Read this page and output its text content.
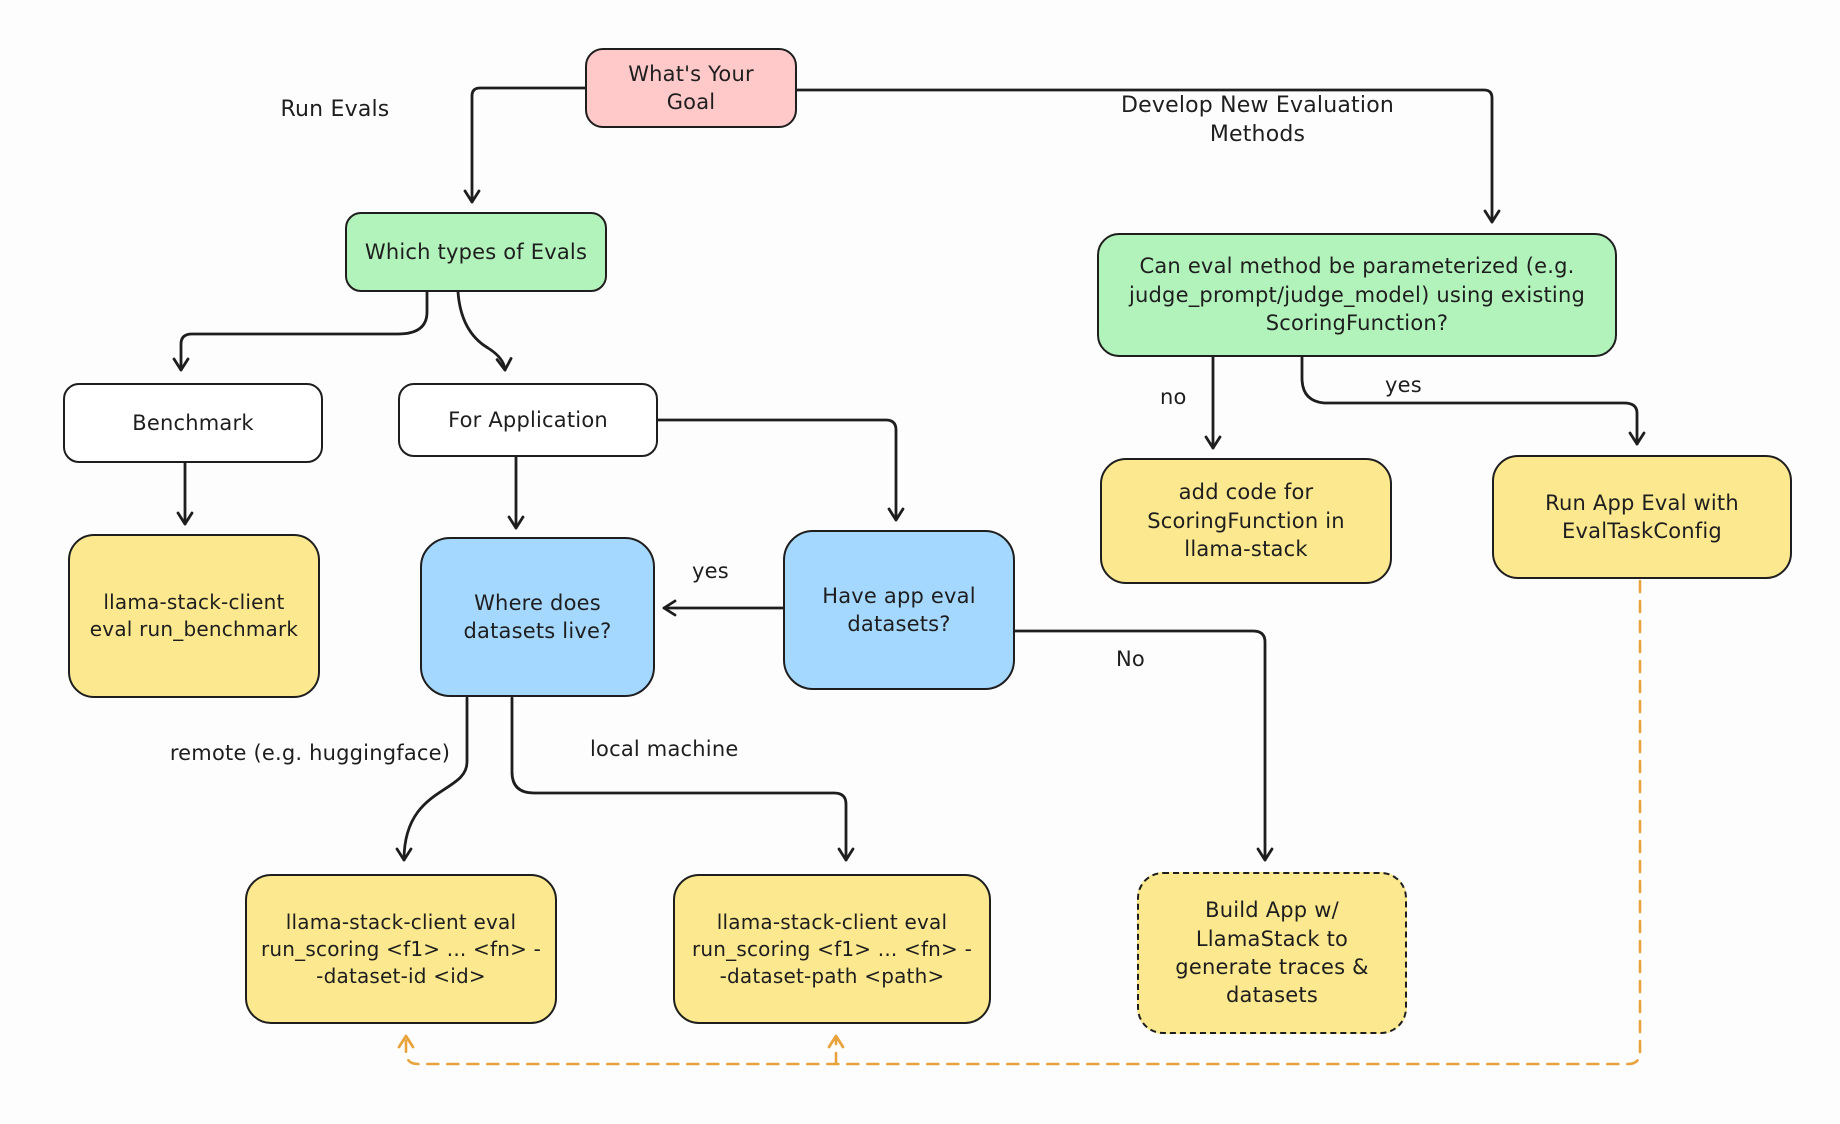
What's Your Goal
Which types of Evals
Can eval method be parameterized (e.g. judge_prompt/judge_model) using existing ScoringFunction?
Benchmark	For Application
llama-stack-client eval run_benchmark
Where does datasets live?
Have app eval datasets?
add code for ScoringFunction in llama-stack
Run App Eval with EvalTaskConfig
llama-stack-client eval run_scoring <f1> ... <fn> --dataset-id <id>
llama-stack-client eval run_scoring <f1> ... <fn> --dataset-path <path>
Build App w/ LlamaStack to generate traces & datasets
Run Evals	Develop New Evaluation Methods
no	yes
yes
No
remote (e.g. huggingface)	local machine
